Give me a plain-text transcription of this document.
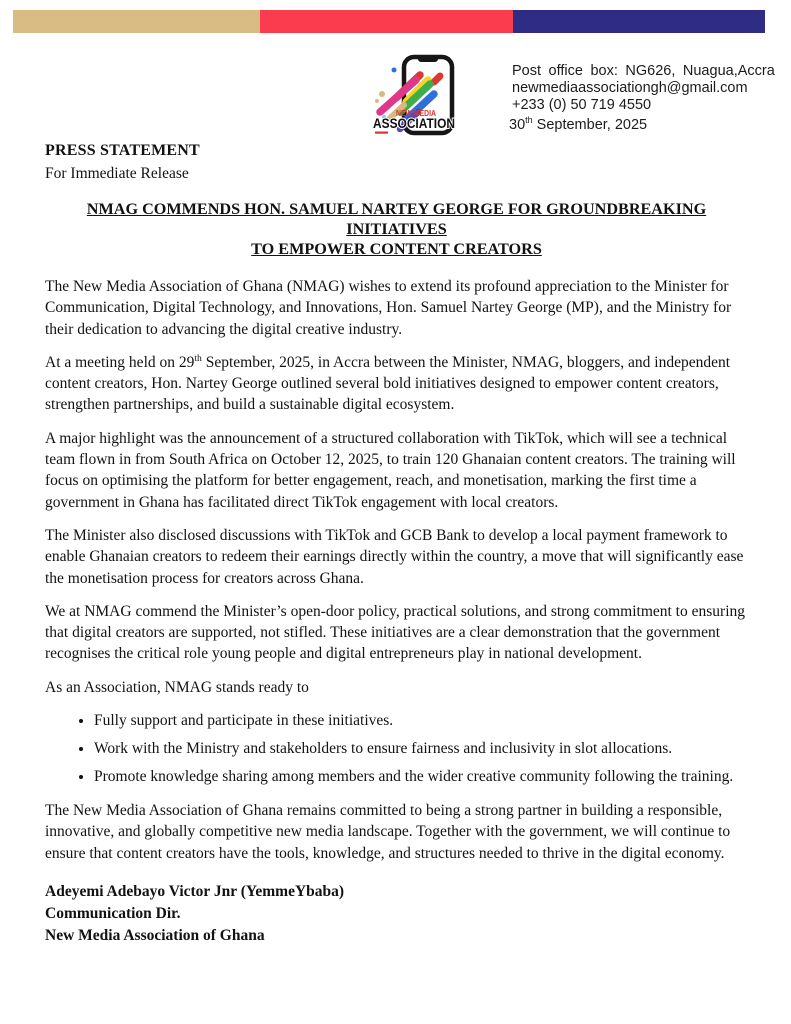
NEW MEDIA
ASSOCIATION
Post office box: NG626, Nuagua,Accra
newmediaassociationgh@gmail.com
+233 (0) 50 719 4550
30th September, 2025
PRESS STATEMENT
For Immediate Release
NMAG COMMENDS HON. SAMUEL NARTEY GEORGE FOR GROUNDBREAKING INITIATIVES
TO EMPOWER CONTENT CREATORS

The New Media Association of Ghana (NMAG) wishes to extend its profound appreciation to the Minister for Communication, Digital Technology, and Innovations, Hon. Samuel Nartey George (MP), and the Ministry for their dedication to advancing the digital creative industry.

At a meeting held on 29th September, 2025, in Accra between the Minister, NMAG, bloggers, and independent content creators, Hon. Nartey George outlined several bold initiatives designed to empower content creators, strengthen partnerships, and build a sustainable digital ecosystem.

A major highlight was the announcement of a structured collaboration with TikTok, which will see a technical team flown in from South Africa on October 12, 2025, to train 120 Ghanaian content creators. The training will focus on optimising the platform for better engagement, reach, and monetisation, marking the first time a government in Ghana has facilitated direct TikTok engagement with local creators.

The Minister also disclosed discussions with TikTok and GCB Bank to develop a local payment framework to enable Ghanaian creators to redeem their earnings directly within the country, a move that will significantly ease the monetisation process for creators across Ghana.

We at NMAG commend the Minister’s open-door policy, practical solutions, and strong commitment to ensuring that digital creators are supported, not stifled. These initiatives are a clear demonstration that the government recognises the critical role young people and digital entrepreneurs play in national development.

As an Association, NMAG stands ready to

• Fully support and participate in these initiatives.
• Work with the Ministry and stakeholders to ensure fairness and inclusivity in slot allocations.
• Promote knowledge sharing among members and the wider creative community following the training.

The New Media Association of Ghana remains committed to being a strong partner in building a responsible, innovative, and globally competitive new media landscape. Together with the government, we will continue to ensure that content creators have the tools, knowledge, and structures needed to thrive in the digital economy.

Adeyemi Adebayo Victor Jnr (YemmeYbaba)
Communication Dir.
New Media Association of Ghana
